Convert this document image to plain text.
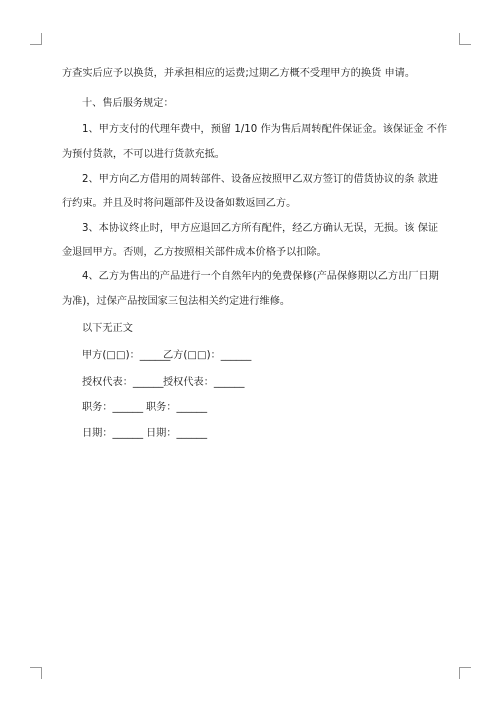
方查实后应予以换货，并承担相应的运费;过期乙方概不受理甲方的换货 申请。
十、售后服务规定：
1、甲方支付的代理年费中，预留 1/10 作为售后周转配件保证金。该保证金 不作
为预付货款，不可以进行货款充抵。
2、甲方向乙方借用的周转部件、设备应按照甲乙双方签订的借货协议的条 款进
行约束。并且及时将问题部件及设备如数返回乙方。
3、本协议终止时，甲方应退回乙方所有配件，经乙方确认无误，无损。该 保证
金退回甲方。否则，乙方按照相关部件成本价格予以扣除。
4、乙方为售出的产品进行一个自然年内的免费保修(产品保修期以乙方出厂日期
为准)，过保产品按国家三包法相关约定进行维修。
以下无正文
甲方(□□)：______
乙方(□□)：______
授权代表：______ 授权代表：______
职务：______ 职务：______
日期：______ 日期：______
